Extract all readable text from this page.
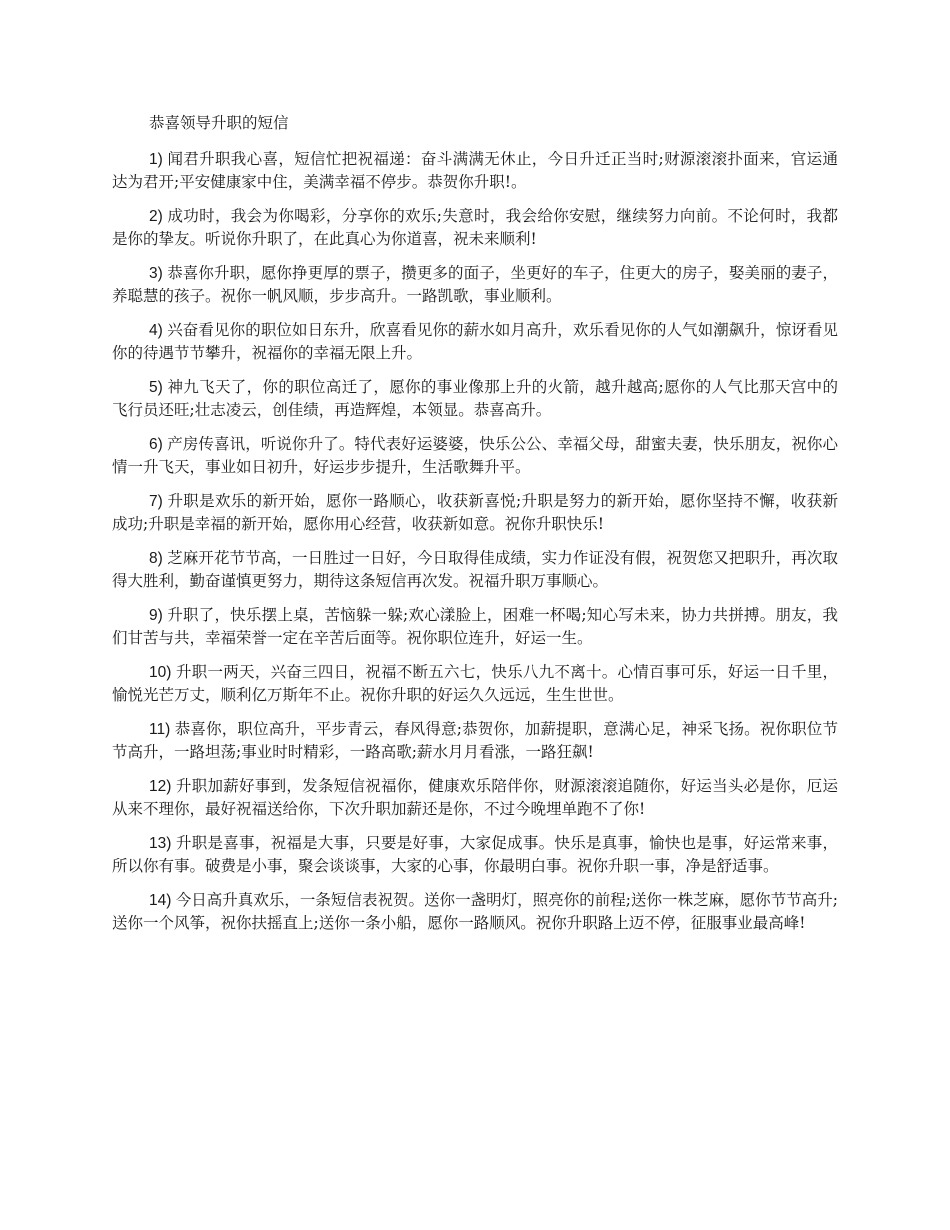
恭喜领导升职的短信

1) 闻君升职我心喜，短信忙把祝福递：奋斗满满无休止，今日升迁正当时;财源滚滚扑面来，官运通达为君开;平安健康家中住，美满幸福不停步。恭贺你升职!。

2) 成功时，我会为你喝彩，分享你的欢乐;失意时，我会给你安慰，继续努力向前。不论何时，我都是你的挚友。听说你升职了，在此真心为你道喜，祝未来顺利!

3) 恭喜你升职，愿你挣更厚的票子，攒更多的面子，坐更好的车子，住更大的房子，娶美丽的妻子，养聪慧的孩子。祝你一帆风顺，步步高升。一路凯歌，事业顺利。

4) 兴奋看见你的职位如日东升，欣喜看见你的薪水如月高升，欢乐看见你的人气如潮飙升，惊讶看见你的待遇节节攀升，祝福你的幸福无限上升。

5) 神九飞天了，你的职位高迁了，愿你的事业像那上升的火箭，越升越高;愿你的人气比那天宫中的飞行员还旺;壮志凌云，创佳绩，再造辉煌，本领显。恭喜高升。

6) 产房传喜讯，听说你升了。特代表好运婆婆，快乐公公、幸福父母，甜蜜夫妻，快乐朋友，祝你心情一升飞天，事业如日初升，好运步步提升，生活歌舞升平。

7) 升职是欢乐的新开始，愿你一路顺心，收获新喜悦;升职是努力的新开始，愿你坚持不懈，收获新成功;升职是幸福的新开始，愿你用心经营，收获新如意。祝你升职快乐!

8) 芝麻开花节节高，一日胜过一日好，今日取得佳成绩，实力作证没有假，祝贺您又把职升，再次取得大胜利，勤奋谨慎更努力，期待这条短信再次发。祝福升职万事顺心。

9) 升职了，快乐摆上桌，苦恼躲一躲;欢心漾脸上，困难一杯喝;知心写未来，协力共拼搏。朋友，我们甘苦与共，幸福荣誉一定在辛苦后面等。祝你职位连升，好运一生。

10) 升职一两天，兴奋三四日，祝福不断五六七，快乐八九不离十。心情百事可乐，好运一日千里，愉悦光芒万丈，顺利亿万斯年不止。祝你升职的好运久久远远，生生世世。

11) 恭喜你，职位高升，平步青云，春风得意;恭贺你，加薪提职，意满心足，神采飞扬。祝你职位节节高升，一路坦荡;事业时时精彩，一路高歌;薪水月月看涨，一路狂飙!

12) 升职加薪好事到，发条短信祝福你，健康欢乐陪伴你，财源滚滚追随你，好运当头必是你，厄运从来不理你，最好祝福送给你，下次升职加薪还是你，不过今晚埋单跑不了你!

13) 升职是喜事，祝福是大事，只要是好事，大家促成事。快乐是真事，愉快也是事，好运常来事，所以你有事。破费是小事，聚会谈谈事，大家的心事，你最明白事。祝你升职一事，净是舒适事。

14) 今日高升真欢乐，一条短信表祝贺。送你一盏明灯，照亮你的前程;送你一株芝麻，愿你节节高升;送你一个风筝，祝你扶摇直上;送你一条小船，愿你一路顺风。祝你升职路上迈不停，征服事业最高峰!
